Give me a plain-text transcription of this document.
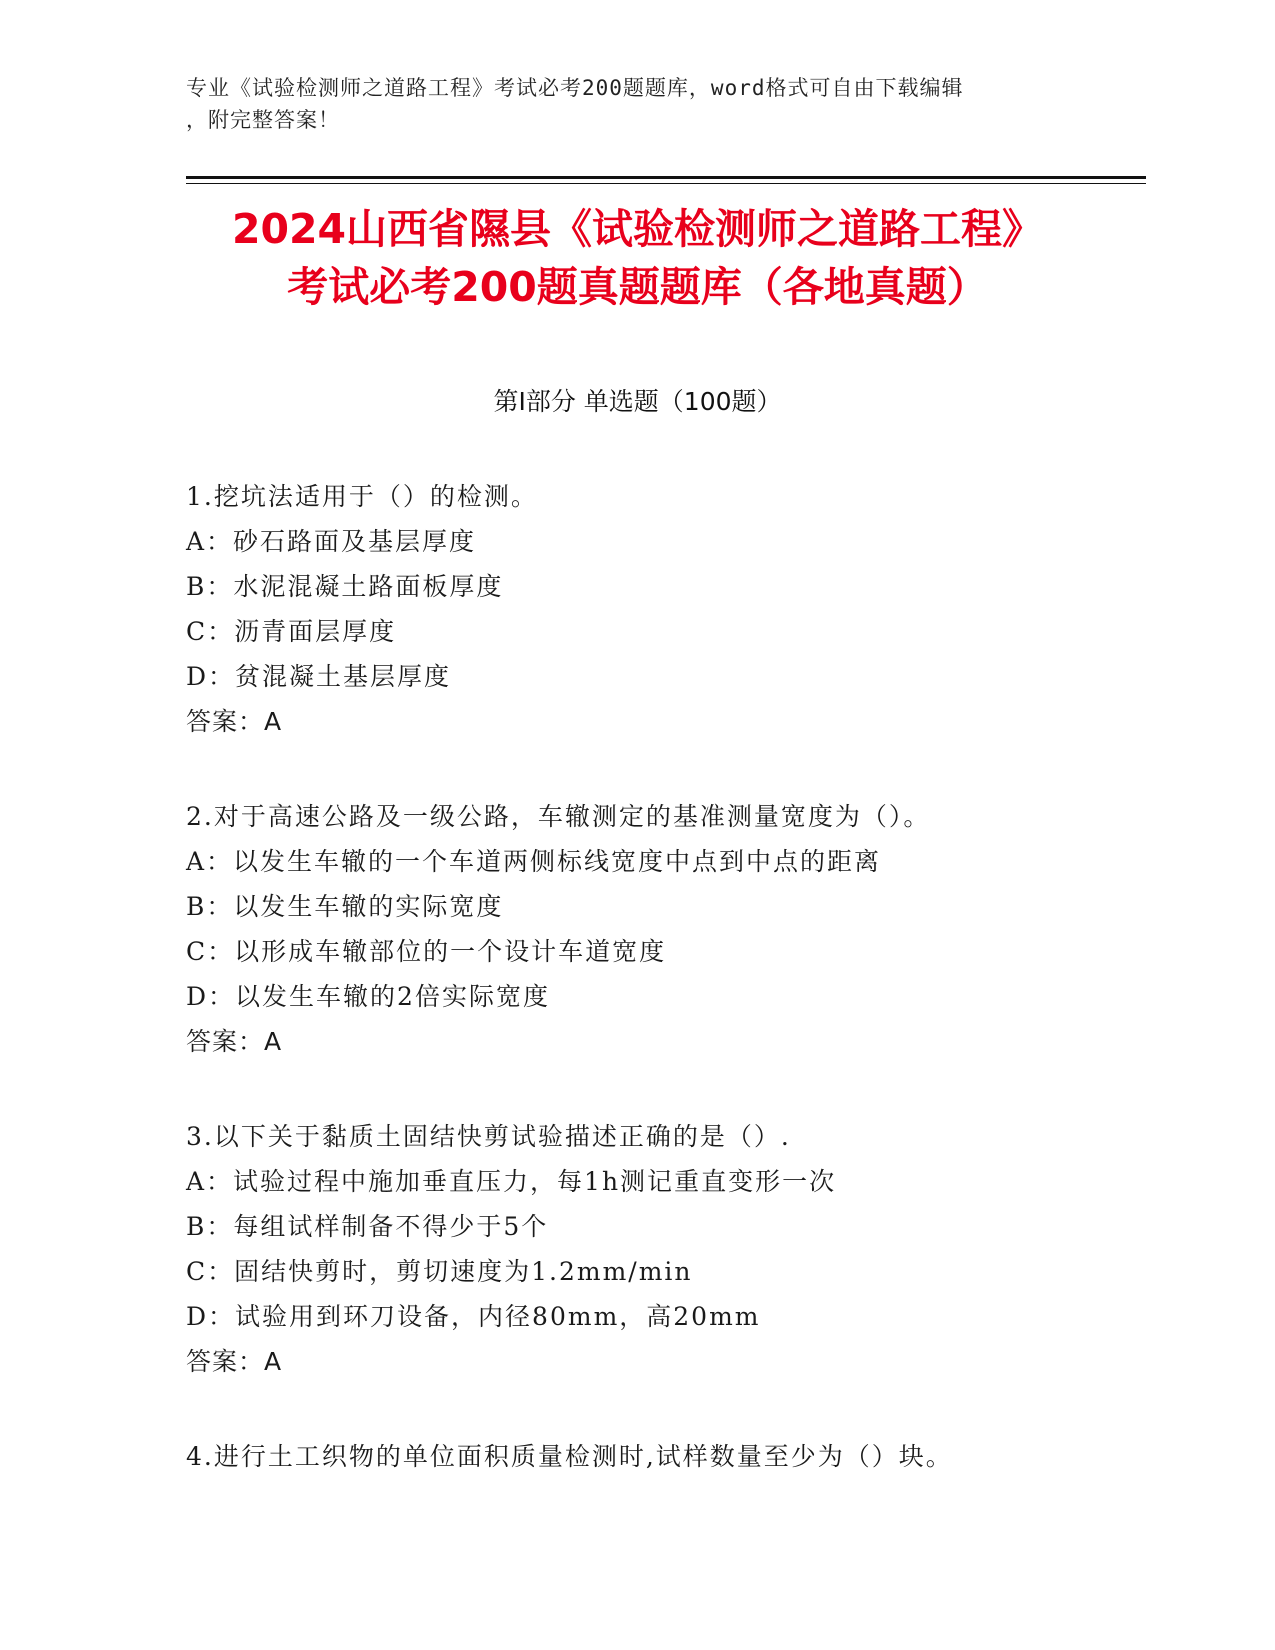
专业《试验检测师之道路工程》考试必考200题题库，word格式可自由下载编辑
，附完整答案！
2024山西省隰县《试验检测师之道路工程》
考试必考200题真题题库（各地真题）
第I部分 单选题（100题）
1.挖坑法适用于（）的检测。
A：砂石路面及基层厚度
B：水泥混凝土路面板厚度
C：沥青面层厚度
D：贫混凝土基层厚度
答案：A
2.对于高速公路及一级公路，车辙测定的基准测量宽度为（）。
A：以发生车辙的一个车道两侧标线宽度中点到中点的距离
B：以发生车辙的实际宽度
C：以形成车辙部位的一个设计车道宽度
D：以发生车辙的2倍实际宽度
答案：A
3.以下关于黏质土固结快剪试验描述正确的是（）.
A：试验过程中施加垂直压力，每1h测记重直变形一次
B：每组试样制备不得少于5个
C：固结快剪时，剪切速度为1.2mm/min
D：试验用到环刀设备，内径80mm，高20mm
答案：A
4.进行土工织物的单位面积质量检测时,试样数量至少为（）块。
